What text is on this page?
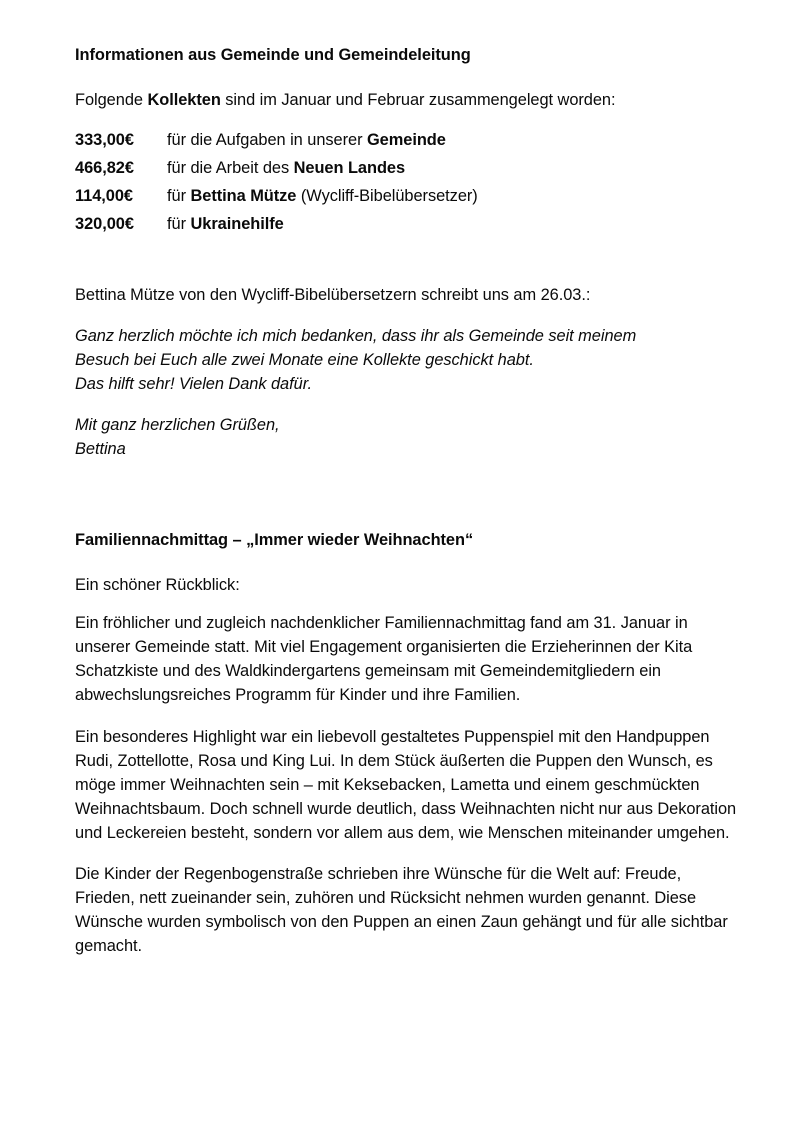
Informationen aus Gemeinde und Gemeindeleitung

Folgende Kollekten sind im Januar und Februar zusammengelegt worden:

333,00€	für die Aufgaben in unserer Gemeinde
466,82€	für die Arbeit des Neuen Landes
114,00€	für Bettina Mütze (Wycliff-Bibelübersetzer)
320,00€	für Ukrainehilfe

Bettina Mütze von den Wycliff-Bibelübersetzern schreibt uns am 26.03.:

Ganz herzlich möchte ich mich bedanken, dass ihr als Gemeinde seit meinem
Besuch bei Euch alle zwei Monate eine Kollekte geschickt habt.
Das hilft sehr! Vielen Dank dafür.

Mit ganz herzlichen Grüßen,
Bettina

Familiennachmittag – „Immer wieder Weihnachten“

Ein schöner Rückblick:

Ein fröhlicher und zugleich nachdenklicher Familiennachmittag fand am 31. Januar in unserer Gemeinde statt. Mit viel Engagement organisierten die Erzieherinnen der Kita Schatzkiste und des Waldkindergartens gemeinsam mit Gemeindemitgliedern ein abwechslungsreiches Programm für Kinder und ihre Familien.

Ein besonderes Highlight war ein liebevoll gestaltetes Puppenspiel mit den Handpuppen Rudi, Zottellotte, Rosa und King Lui. In dem Stück äußerten die Puppen den Wunsch, es möge immer Weihnachten sein – mit Keksebacken, Lametta und einem geschmückten Weihnachtsbaum. Doch schnell wurde deutlich, dass Weihnachten nicht nur aus Dekoration und Leckereien besteht, sondern vor allem aus dem, wie Menschen miteinander umgehen.

Die Kinder der Regenbogenstraße schrieben ihre Wünsche für die Welt auf: Freude, Frieden, nett zueinander sein, zuhören und Rücksicht nehmen wurden genannt. Diese Wünsche wurden symbolisch von den Puppen an einen Zaun gehängt und für alle sichtbar gemacht.
